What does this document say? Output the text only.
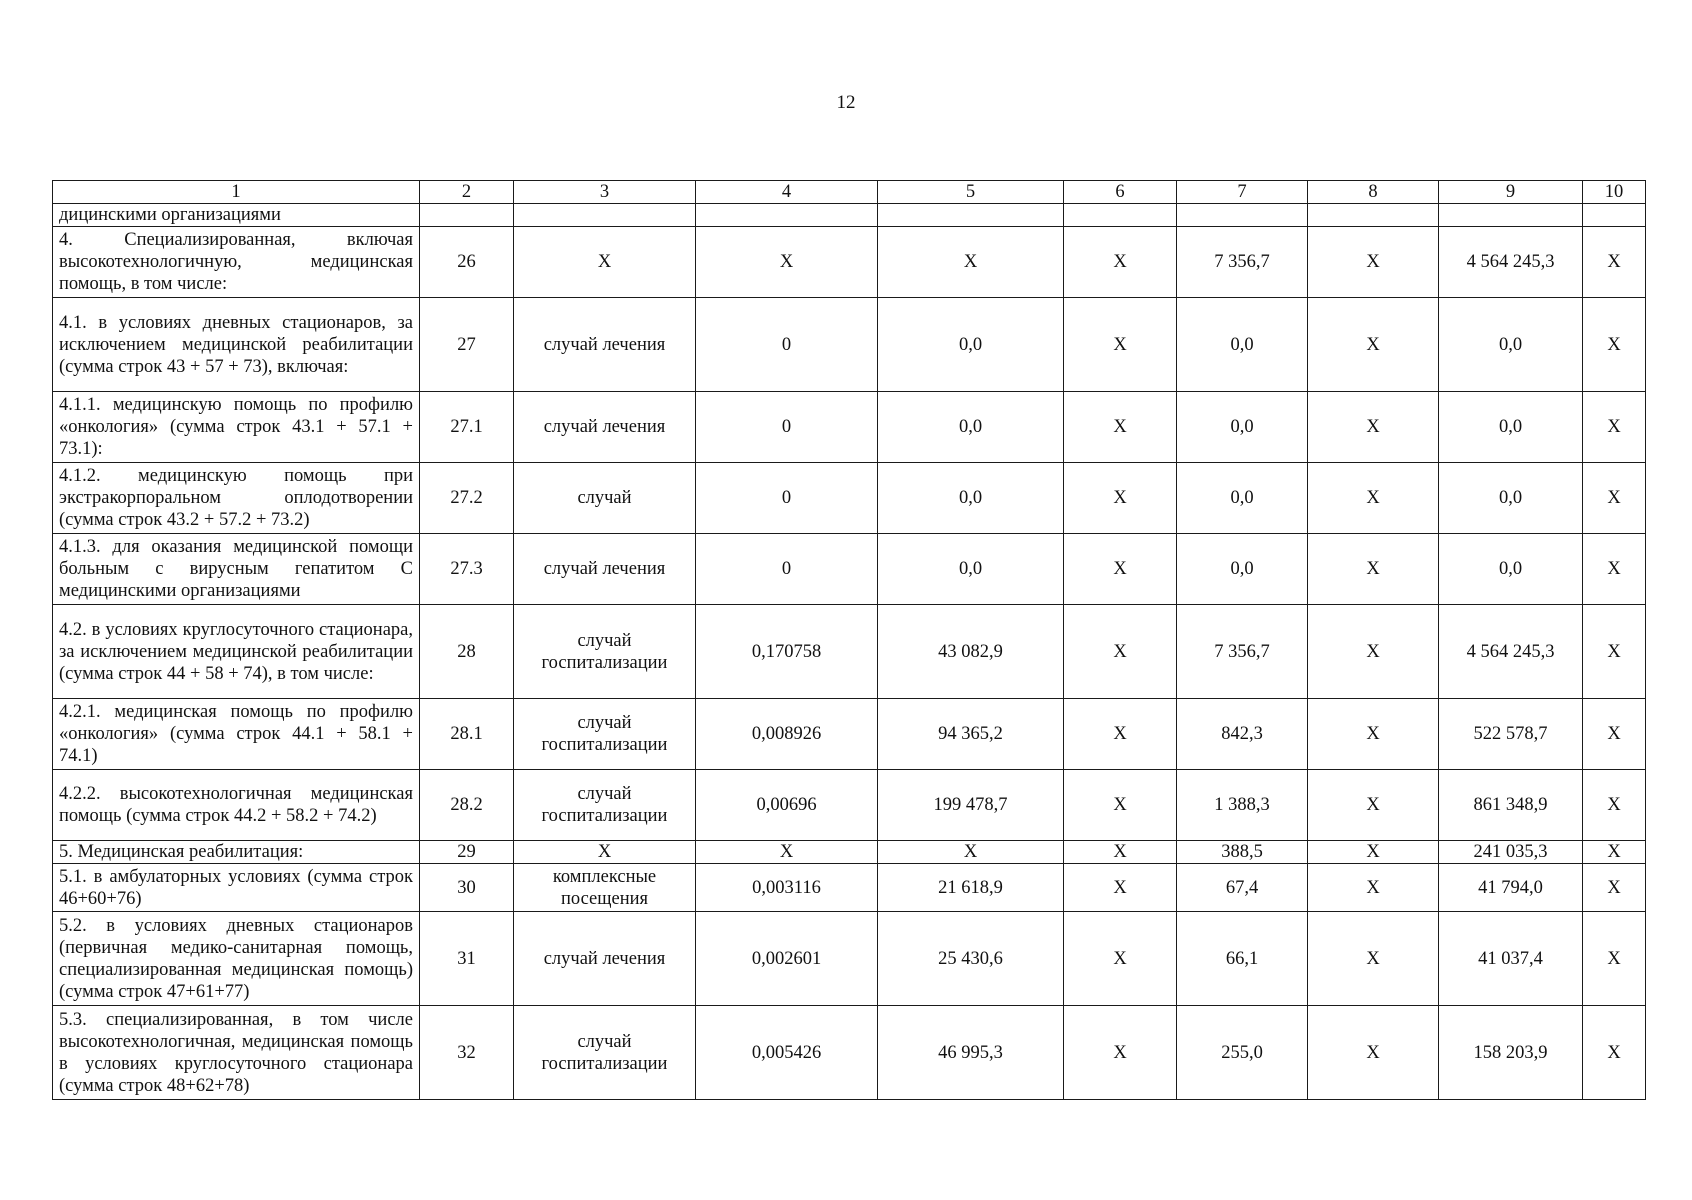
12
1	2	3	4	5	6	7	8	9	10
дицинскими организациями									
4. Специализированная, включая высокотехнологичную, медицинская помощь, в том числе:	26	Х	Х	Х	Х	7 356,7	Х	4 564 245,3	Х
4.1. в условиях дневных стационаров, за исключением медицинской реабилитации (сумма строк 43 + 57 + 73), включая:	27	случай лечения	0	0,0	Х	0,0	Х	0,0	Х
4.1.1. медицинскую помощь по профилю «онкология» (сумма строк 43.1 + 57.1 + 73.1):	27.1	случай лечения	0	0,0	Х	0,0	Х	0,0	Х
4.1.2. медицинскую помощь при экстракорпоральном оплодотворении (сумма строк 43.2 + 57.2 + 73.2)	27.2	случай	0	0,0	Х	0,0	Х	0,0	Х
4.1.3. для оказания медицинской помощи больным с вирусным гепатитом С медицинскими организациями	27.3	случай лечения	0	0,0	Х	0,0	Х	0,0	Х
4.2. в условиях круглосуточного стационара, за исключением медицинской реабилитации (сумма строк 44 + 58 + 74), в том числе:	28	случай госпитализации	0,170758	43 082,9	Х	7 356,7	Х	4 564 245,3	Х
4.2.1. медицинская помощь по профилю «онкология» (сумма строк 44.1 + 58.1 + 74.1)	28.1	случай госпитализации	0,008926	94 365,2	Х	842,3	Х	522 578,7	Х
4.2.2. высокотехнологичная медицинская помощь (сумма строк 44.2 + 58.2 + 74.2)	28.2	случай госпитализации	0,00696	199 478,7	Х	1 388,3	Х	861 348,9	Х
5. Медицинская реабилитация:	29	Х	Х	Х	Х	388,5	Х	241 035,3	Х
5.1. в амбулаторных условиях (сумма строк 46+60+76)	30	комплексные посещения	0,003116	21 618,9	Х	67,4	Х	41 794,0	Х
5.2. в условиях дневных стационаров (первичная медико-санитарная помощь, специализированная медицинская помощь) (сумма строк 47+61+77)	31	случай лечения	0,002601	25 430,6	Х	66,1	Х	41 037,4	Х
5.3. специализированная, в том числе высокотехнологичная, медицинская помощь в условиях круглосуточного стационара (сумма строк 48+62+78)	32	случай госпитализации	0,005426	46 995,3	Х	255,0	Х	158 203,9	Х
